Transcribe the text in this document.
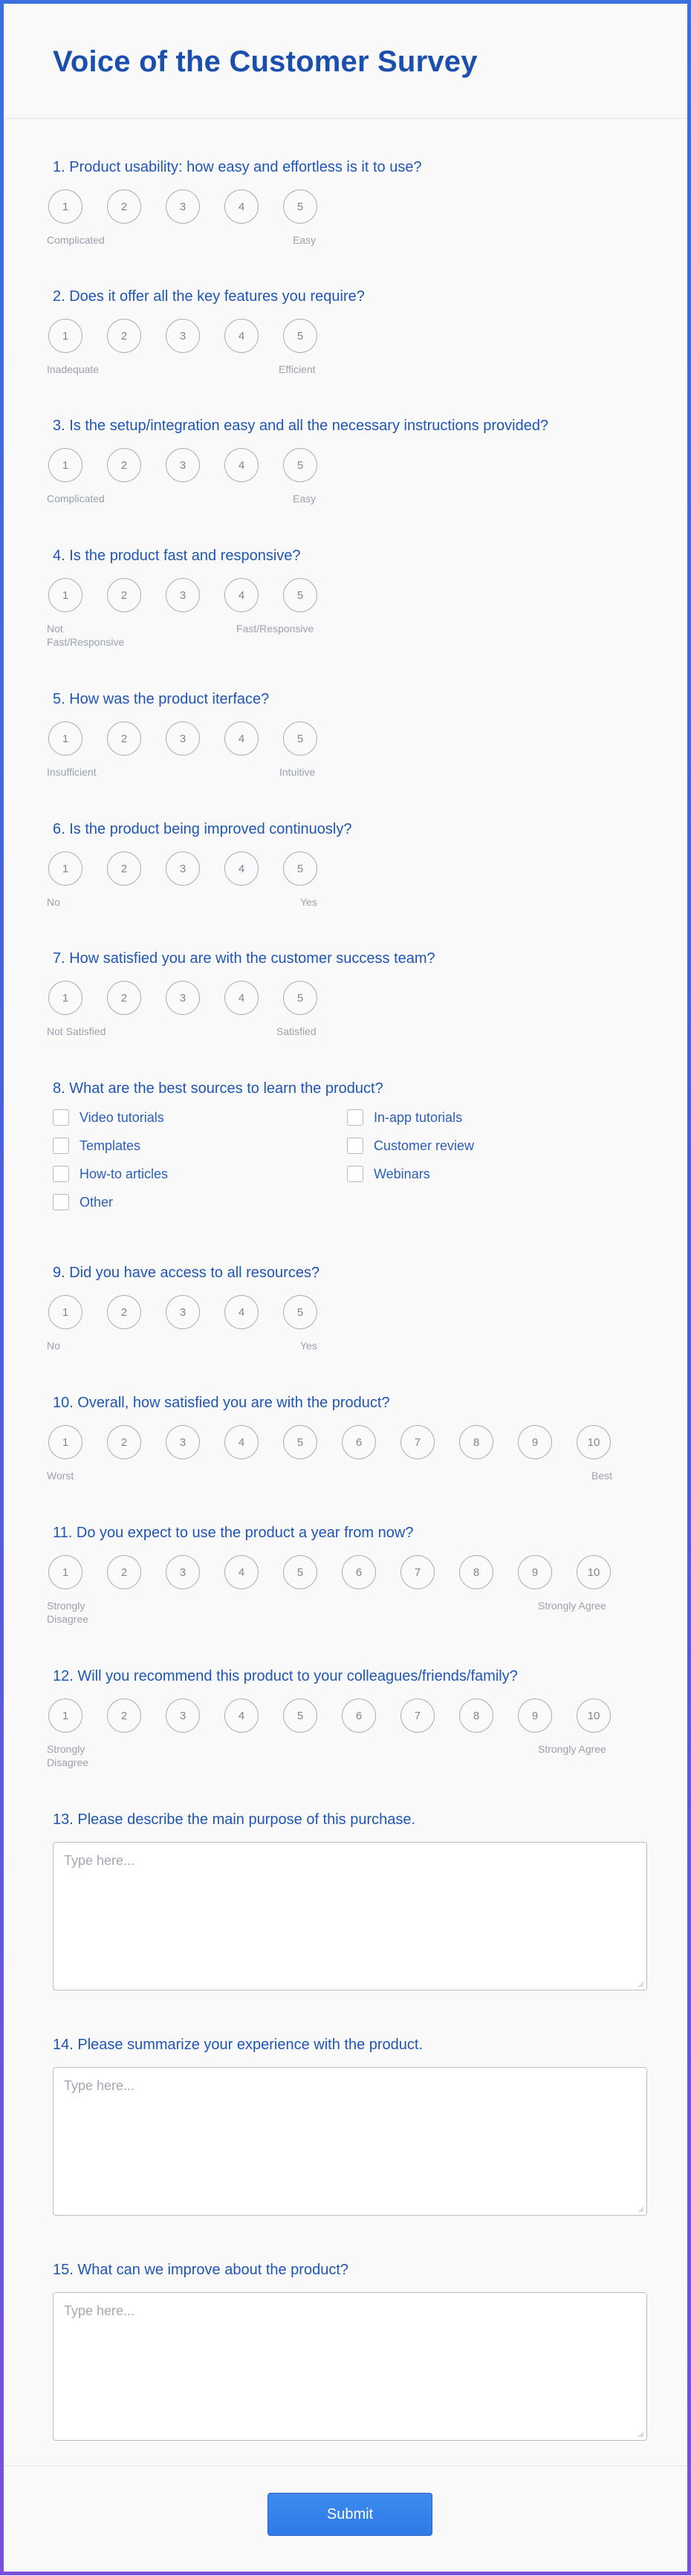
Voice of the Customer Survey

1. Product usability: how easy and effortless is it to use?

1	2	3	4	5
Complicated	Easy

2. Does it offer all the key features you require?

1	2	3	4	5
Inadequate	Efficient

3. Is the setup/integration easy and all the necessary instructions provided?

1	2	3	4	5
Complicated	Easy

4. Is the product fast and responsive?

1	2	3	4	5
Not
Fast/Responsive
Fast/Responsive

5. How was the product iterface?

1	2	3	4	5
Insufficient	Intuitive

6. Is the product being improved continuosly?

1	2	3	4	5
No	Yes

7. How satisfied you are with the customer success team?

1	2	3	4	5
Not Satisfied	Satisfied

8. What are the best sources to learn the product?

Video tutorials	In-app tutorials
Templates	Customer review
How-to articles	Webinars
Other

9. Did you have access to all resources?

1	2	3	4	5
No	Yes

10. Overall, how satisfied you are with the product?

1	2	3	4	5	6	7	8	9	10
Worst	Best

11. Do you expect to use the product a year from now?

1	2	3	4	5	6	7	8	9	10
Strongly
Disagree
Strongly Agree

12. Will you recommend this product to your colleagues/friends/family?

1	2	3	4	5	6	7	8	9	10
Strongly
Disagree
Strongly Agree

13. Please describe the main purpose of this purchase.

Type here...

14. Please summarize your experience with the product.

Type here...

15. What can we improve about the product?

Type here...
Submit
